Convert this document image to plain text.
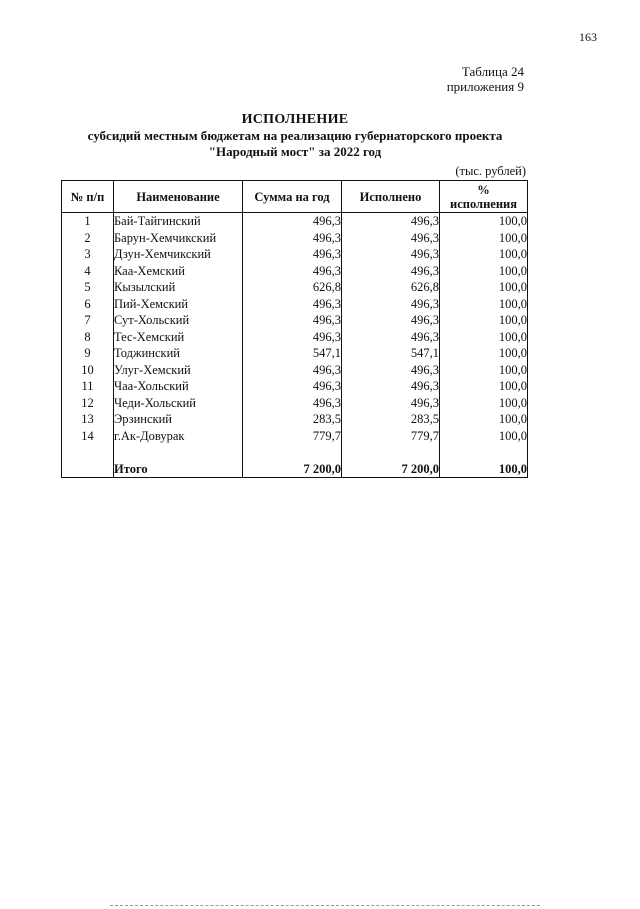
163
Таблица 24
приложения 9
ИСПОЛНЕНИЕ
субсидий местным бюджетам на реализацию губернаторского проекта
"Народный мост" за 2022 год
(тыс. рублей)
№ п/п	Наименование	Сумма на год	Исполнено	%
исполнения

1	Бай-Тайгинский	496,3	496,3	100,0
2	Барун-Хемчикский	496,3	496,3	100,0
3	Дзун-Хемчикский	496,3	496,3	100,0
4	Каа-Хемский	496,3	496,3	100,0
5	Кызылский	626,8	626,8	100,0
6	Пий-Хемский	496,3	496,3	100,0
7	Сут-Хольский	496,3	496,3	100,0
8	Тес-Хемский	496,3	496,3	100,0
9	Тоджинский	547,1	547,1	100,0
10	Улуг-Хемский	496,3	496,3	100,0
11	Чаа-Хольский	496,3	496,3	100,0
12	Чеди-Хольский	496,3	496,3	100,0
13	Эрзинский	283,5	283,5	100,0
14	г.Ак-Довурак	779,7	779,7	100,0

	Итого	7 200,0	7 200,0	100,0
